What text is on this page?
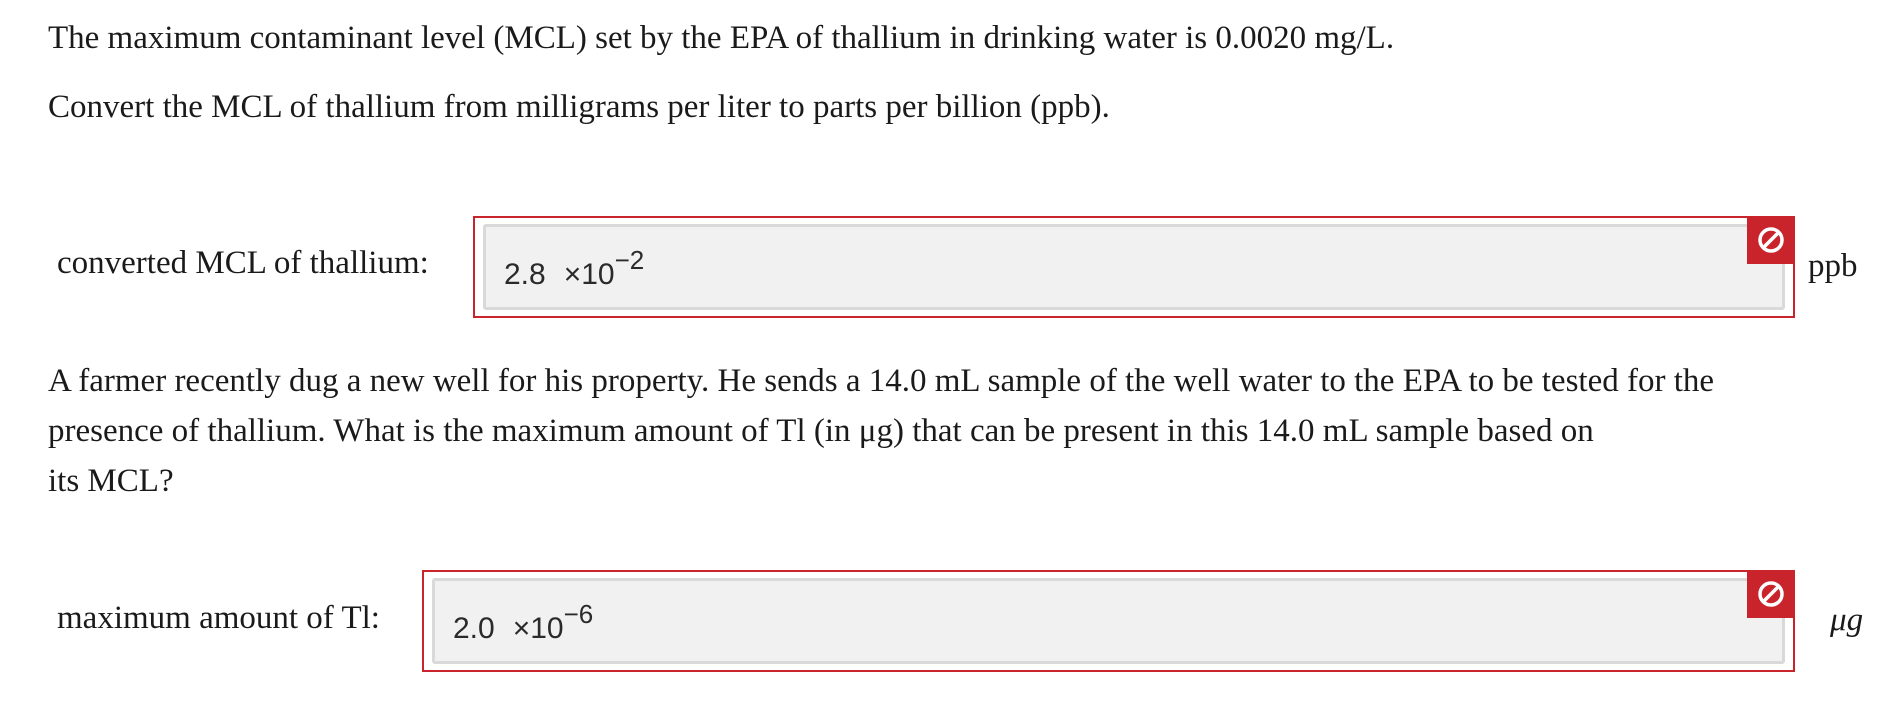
The maximum contaminant level (MCL) set by the EPA of thallium in drinking water is 0.0020 mg/L.

Convert the MCL of thallium from milligrams per liter to parts per billion (ppb).

converted MCL of thallium:	$2.8 \times 10^{-2}$	ppb

A farmer recently dug a new well for his property. He sends a 14.0 mL sample of the well water to the EPA to be tested for the

presence of thallium. What is the maximum amount of Tl (in μg) that can be present in this 14.0 mL sample based on

its MCL?

maximum amount of Tl: $2.0 \times 10^{-6}$	μg
